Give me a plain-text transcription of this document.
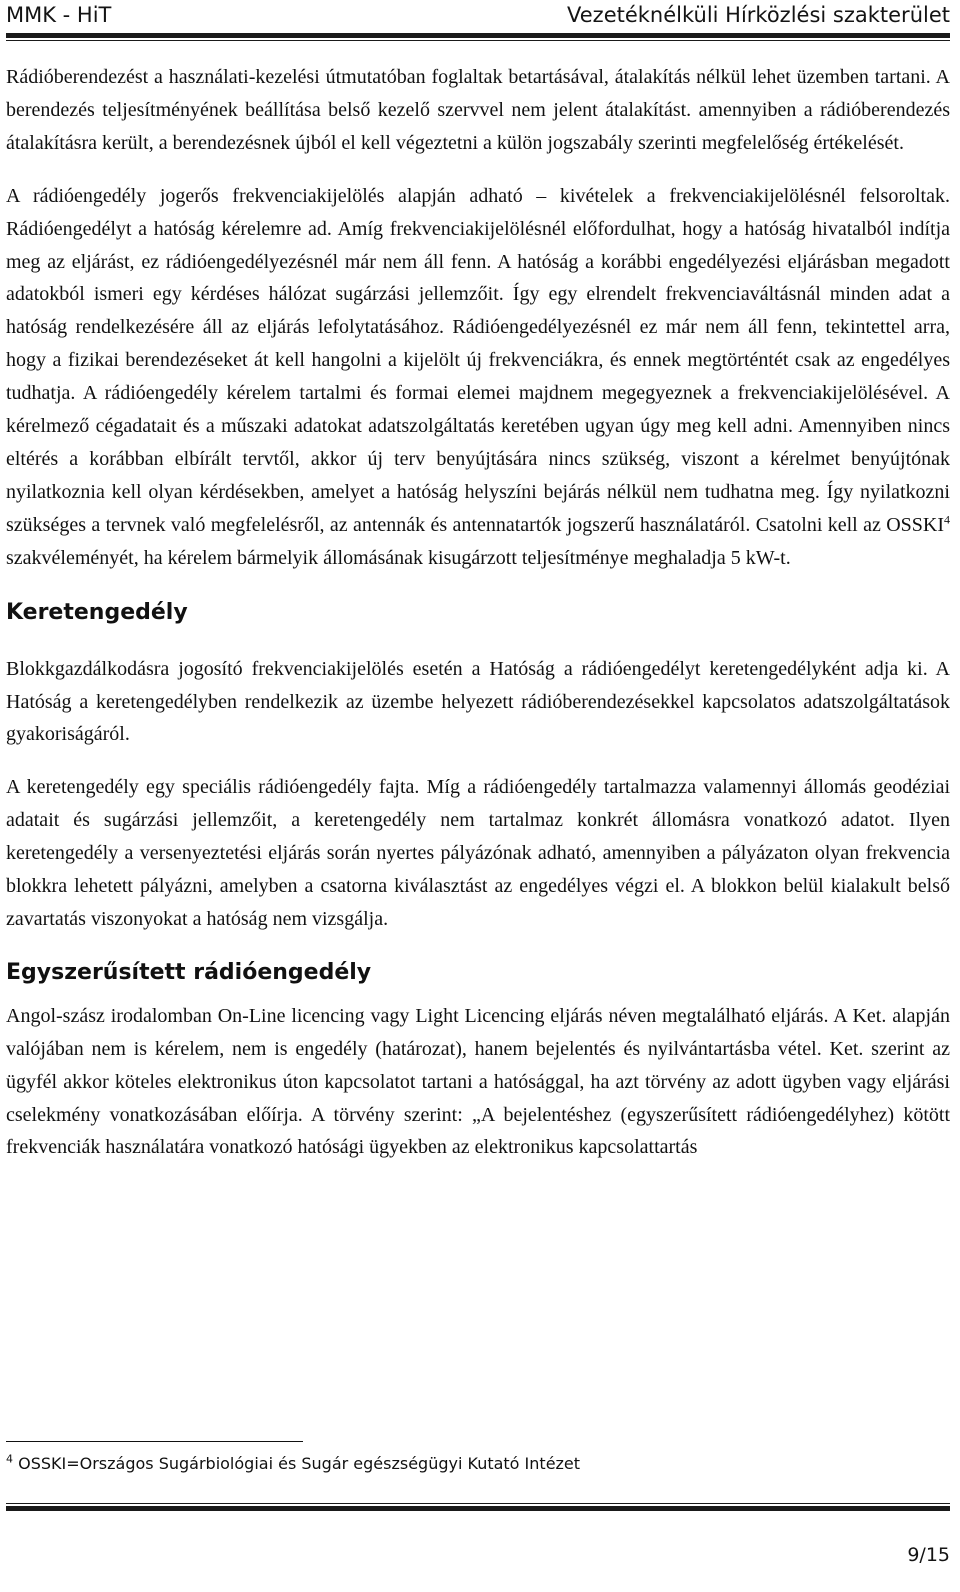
MMK - HiT	Vezetéknélküli Hírközlési szakterület

Rádióberendezést a használati-kezelési útmutatóban foglaltak betartásával, átalakítás nélkül lehet üzemben tartani. A berendezés teljesítményének beállítása belső kezelő szervvel nem jelent átalakítást. amennyiben a rádióberendezés átalakításra került, a berendezésnek újból el kell végeztetni a külön jogszabály szerinti megfelelőség értékelését.

A rádióengedély jogerős frekvenciakijelölés alapján adható – kivételek a frekvenciakijelölésnél felsoroltak. Rádióengedélyt a hatóság kérelemre ad. Amíg frekvenciakijelölésnél előfordulhat, hogy a hatóság hivatalból indítja meg az eljárást, ez rádióengedélyezésnél már nem áll fenn. A hatóság a korábbi engedélyezési eljárásban megadott adatokból ismeri egy kérdéses hálózat sugárzási jellemzőit. Így egy elrendelt frekvenciaváltásnál minden adat a hatóság rendelkezésére áll az eljárás lefolytatásához. Rádióengedélyezésnél ez már nem áll fenn, tekintettel arra, hogy a fizikai berendezéseket át kell hangolni a kijelölt új frekvenciákra, és ennek megtörténtét csak az engedélyes tudhatja. A rádióengedély kérelem tartalmi és formai elemei majdnem megegyeznek a frekvenciakijelölésével. A kérelmező cégadatait és a műszaki adatokat adatszolgáltatás keretében ugyan úgy meg kell adni. Amennyiben nincs eltérés a korábban elbírált tervtől, akkor új terv benyújtására nincs szükség, viszont a kérelmet benyújtónak nyilatkoznia kell olyan kérdésekben, amelyet a hatóság helyszíni bejárás nélkül nem tudhatna meg. Így nyilatkozni szükséges a tervnek való megfelelésről, az antennák és antennatartók jogszerű használatáról. Csatolni kell az OSSKI$^4$ szakvéleményét, ha kérelem bármelyik állomásának kisugárzott teljesítménye meghaladja 5 kW-t.

Keretengedély

Blokkgazdálkodásra jogosító frekvenciakijelölés esetén a Hatóság a rádióengedélyt keretengedélyként adja ki. A Hatóság a keretengedélyben rendelkezik az üzembe helyezett rádióberendezésekkel kapcsolatos adatszolgáltatások gyakoriságáról.

A keretengedély egy speciális rádióengedély fajta. Míg a rádióengedély tartalmazza valamennyi állomás geodéziai adatait és sugárzási jellemzőit, a keretengedély nem tartalmaz konkrét állomásra vonatkozó adatot. Ilyen keretengedély a versenyeztetési eljárás során nyertes pályázónak adható, amennyiben a pályázaton olyan frekvencia blokkra lehetett pályázni, amelyben a csatorna kiválasztást az engedélyes végzi el. A blokkon belül kialakult belső zavartatás viszonyokat a hatóság nem vizsgálja.

Egyszerűsített rádióengedély

Angol-szász irodalomban On-Line licencing vagy Light Licencing eljárás néven megtalálható eljárás. A Ket. alapján valójában nem is kérelem, nem is engedély (határozat), hanem bejelentés és nyilvántartásba vétel. Ket. szerint az ügyfél akkor köteles elektronikus úton kapcsolatot tartani a hatósággal, ha azt törvény az adott ügyben vagy eljárási cselekmény vonatkozásában előírja. A törvény szerint: „A bejelentéshez (egyszerűsített rádióengedélyhez) kötött frekvenciák használatára vonatkozó hatósági ügyekben az elektronikus kapcsolattartás

$^4$ OSSKI=Országos Sugárbiológiai és Sugár egészségügyi Kutató Intézet
9/15
